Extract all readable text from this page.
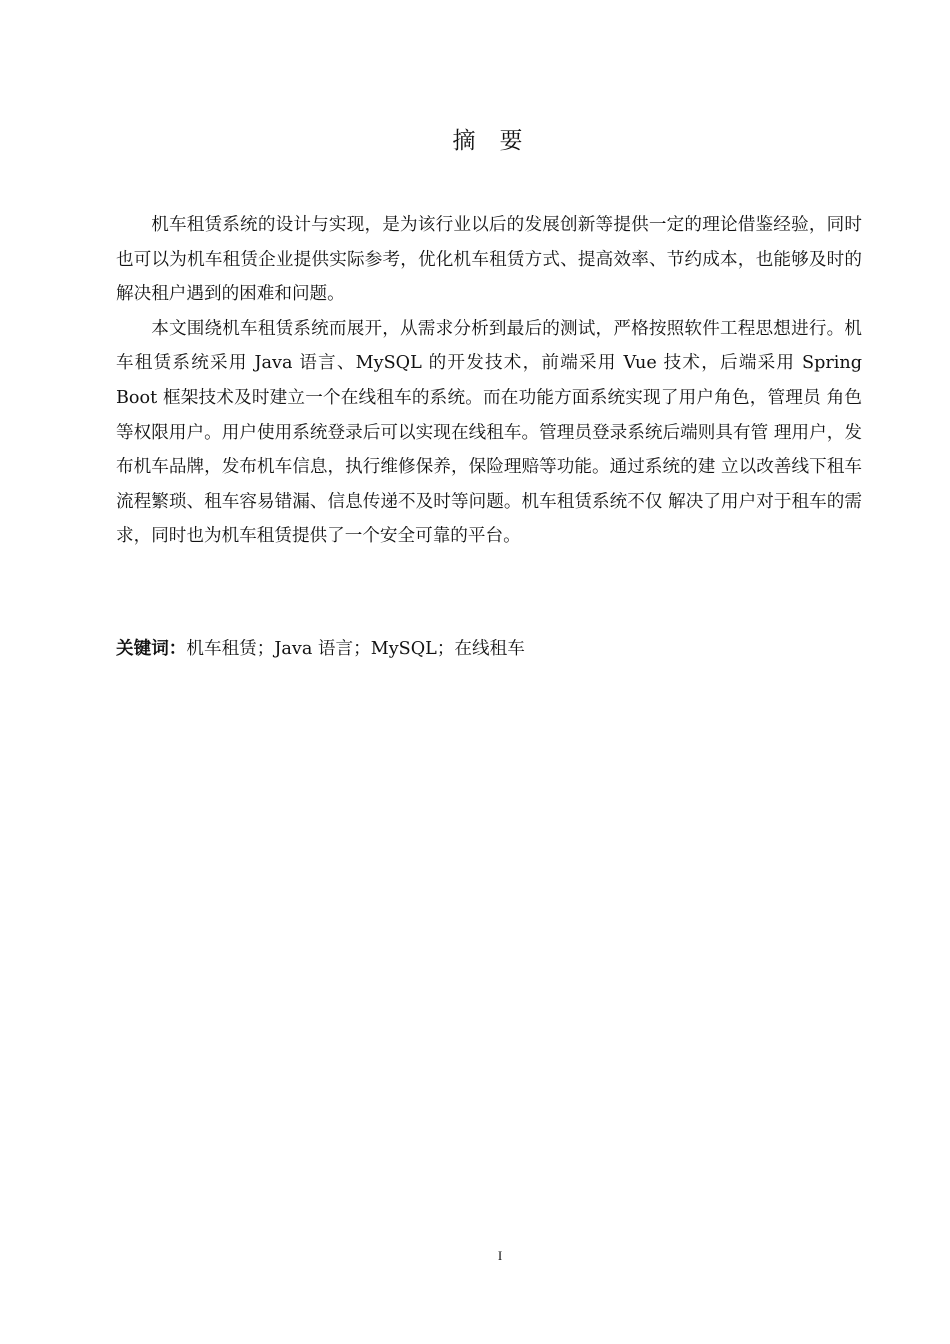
摘 要

机车租赁系统的设计与实现，是为该行业以后的发展创新等提供一定的理论借鉴经验，同时也可以为机车租赁企业提供实际参考，优化机车租赁方式、提高效率、节约成本，也能够及时的解决租户遇到的困难和问题。

本文围绕机车租赁系统而展开，从需求分析到最后的测试，严格按照软件工程思想进行。机车租赁系统采用 Java 语言、MySQL 的开发技术，前端采用 Vue 技术，后端采用 Spring Boot 框架技术及时建立一个在线租车的系统。而在功能方面系统实现了用户角色，管理员 角色等权限用户。用户使用系统登录后可以实现在线租车。管理员登录系统后端则具有管 理用户，发布机车品牌，发布机车信息，执行维修保养，保险理赔等功能。通过系统的建 立以改善线下租车流程繁琐、租车容易错漏、信息传递不及时等问题。机车租赁系统不仅 解决了用户对于租车的需求，同时也为机车租赁提供了一个安全可靠的平台。

关键词：机车租赁；Java 语言；MySQL；在线租车
I
